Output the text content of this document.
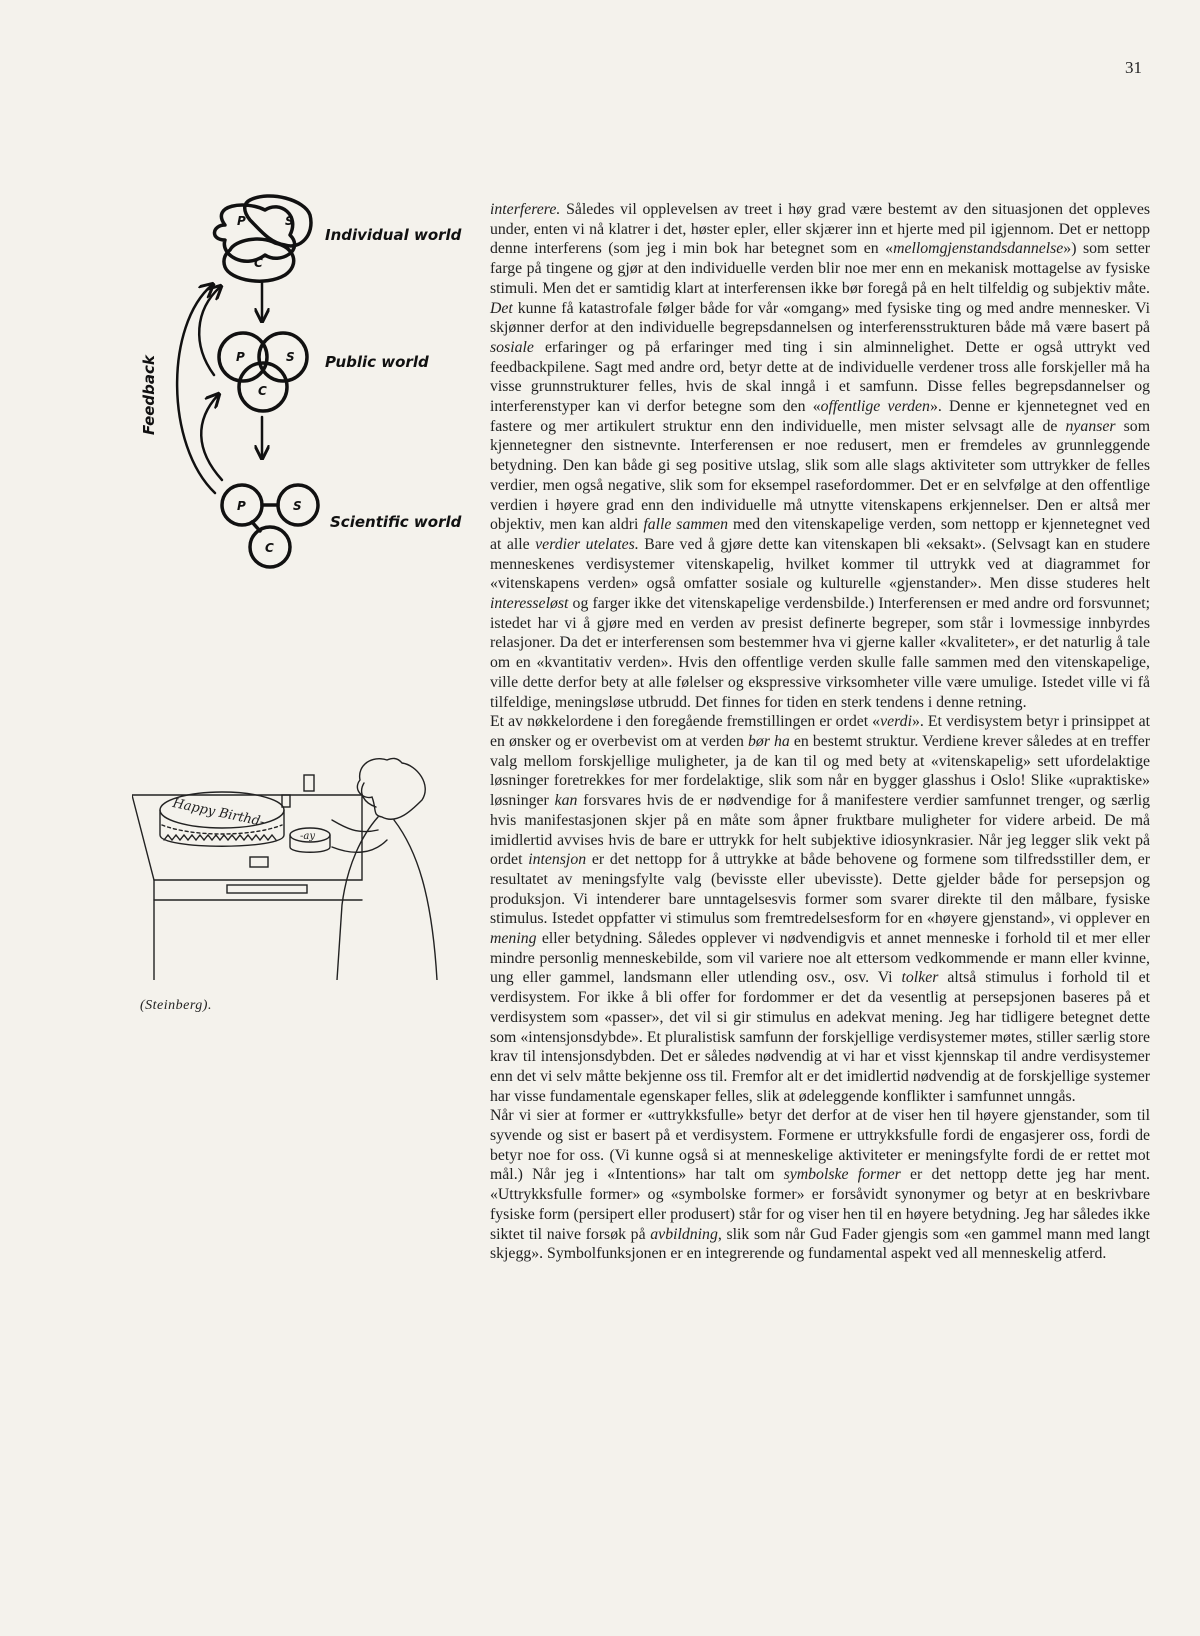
31
P	S
C
Individual world
P	S
C
Public world
P	S
C
Scientific world
Feedback
Happy Birthd-
-ay
(Steinberg).

interferere. Således vil opplevelsen av treet i høy grad være bestemt av den situasjonen det oppleves under, enten vi nå klatrer i det, høster epler, eller skjærer inn et hjerte med pil igjennom. Det er nettopp denne interferens (som jeg i min bok har betegnet som en «mellomgjenstandsdannelse») som setter farge på tingene og gjør at den individuelle verden blir noe mer enn en mekanisk mottagelse av fysiske stimuli. Men det er samtidig klart at interferensen ikke bør foregå på en helt tilfeldig og subjektiv måte. Det kunne få katastrofale følger både for vår «omgang» med fysiske ting og med andre mennesker. Vi skjønner derfor at den individuelle begrepsdannelsen og interferensstrukturen både må være basert på sosiale erfaringer og på erfaringer med ting i sin alminnelighet. Dette er også uttrykt ved feedbackpilene. Sagt med andre ord, betyr dette at de individuelle verdener tross alle forskjeller må ha visse grunnstrukturer felles, hvis de skal inngå i et samfunn. Disse felles begrepsdannelser og interferenstyper kan vi derfor betegne som den «offentlige verden». Denne er kjennetegnet ved en fastere og mer artikulert struktur enn den individuelle, men mister selvsagt alle de nyanser som kjennetegner den sistnevnte. Interferensen er noe redusert, men er fremdeles av grunnleggende betydning. Den kan både gi seg positive utslag, slik som alle slags aktiviteter som uttrykker de felles verdier, men også negative, slik som for eksempel rasefordommer. Det er en selvfølge at den offentlige verdien i høyere grad enn den individuelle må utnytte vitenskapens erkjennelser. Den er altså mer objektiv, men kan aldri falle sammen med den vitenskapelige verden, som nettopp er kjennetegnet ved at alle verdier utelates. Bare ved å gjøre dette kan vitenskapen bli «eksakt». (Selvsagt kan en studere menneskenes verdisystemer vitenskapelig, hvilket kommer til uttrykk ved at diagrammet for «vitenskapens verden» også omfatter sosiale og kulturelle «gjenstander». Men disse studeres helt interesseløst og farger ikke det vitenskapelige verdensbilde.) Interferensen er med andre ord forsvunnet; istedet har vi å gjøre med en verden av presist definerte begreper, som står i lovmessige innbyrdes relasjoner. Da det er interferensen som bestemmer hva vi gjerne kaller «kvaliteter», er det naturlig å tale om en «kvantitativ verden». Hvis den offentlige verden skulle falle sammen med den vitenskapelige, ville dette derfor bety at alle følelser og ekspressive virksomheter ville være umulige. Istedet ville vi få tilfeldige, meningsløse utbrudd. Det finnes for tiden en sterk tendens i denne retning.

Et av nøkkelordene i den foregående fremstillingen er ordet «verdi». Et verdisystem betyr i prinsippet at en ønsker og er overbevist om at verden bør ha en bestemt struktur. Verdiene krever således at en treffer valg mellom forskjellige muligheter, ja de kan til og med bety at «vitenskapelig» sett ufordelaktige løsninger foretrekkes for mer fordelaktige, slik som når en bygger glasshus i Oslo! Slike «upraktiske» løsninger kan forsvares hvis de er nødvendige for å manifestere verdier samfunnet trenger, og særlig hvis manifestasjonen skjer på en måte som åpner fruktbare muligheter for videre arbeid. De må imidlertid avvises hvis de bare er uttrykk for helt subjektive idiosynkrasier. Når jeg legger slik vekt på ordet intensjon er det nettopp for å uttrykke at både behovene og formene som tilfredsstiller dem, er resultatet av meningsfylte valg (bevisste eller ubevisste). Dette gjelder både for persepsjon og produksjon. Vi intenderer bare unntagelsesvis former som svarer direkte til den målbare, fysiske stimulus. Istedet oppfatter vi stimulus som fremtredelsesform for en «høyere gjenstand», vi opplever en mening eller betydning. Således opplever vi nødvendigvis et annet menneske i forhold til et mer eller mindre personlig menneskebilde, som vil variere noe alt ettersom vedkommende er mann eller kvinne, ung eller gammel, landsmann eller utlending osv., osv. Vi tolker altså stimulus i forhold til et verdisystem. For ikke å bli offer for fordommer er det da vesentlig at persepsjonen baseres på et verdisystem som «passer», det vil si gir stimulus en adekvat mening. Jeg har tidligere betegnet dette som «intensjonsdybde». Et pluralistisk samfunn der forskjellige verdisystemer møtes, stiller særlig store krav til intensjonsdybden. Det er således nødvendig at vi har et visst kjennskap til andre verdisystemer enn det vi selv måtte bekjenne oss til. Fremfor alt er det imidlertid nødvendig at de forskjellige systemer har visse fundamentale egenskaper felles, slik at ødeleggende konflikter i samfunnet unngås.

Når vi sier at former er «uttrykksfulle» betyr det derfor at de viser hen til høyere gjenstander, som til syvende og sist er basert på et verdisystem. Formene er uttrykksfulle fordi de engasjerer oss, fordi de betyr noe for oss. (Vi kunne også si at menneskelige aktiviteter er meningsfylte fordi de er rettet mot mål.) Når jeg i «Intentions» har talt om symbolske former er det nettopp dette jeg har ment. «Uttrykksfulle former» og «symbolske former» er forsåvidt synonymer og betyr at en beskrivbare fysiske form (persipert eller produsert) står for og viser hen til en høyere betydning. Jeg har således ikke siktet til naive forsøk på avbildning, slik som når Gud Fader gjengis som «en gammel mann med langt skjegg». Symbolfunksjonen er en integrerende og fundamental aspekt ved all menneskelig atferd.
